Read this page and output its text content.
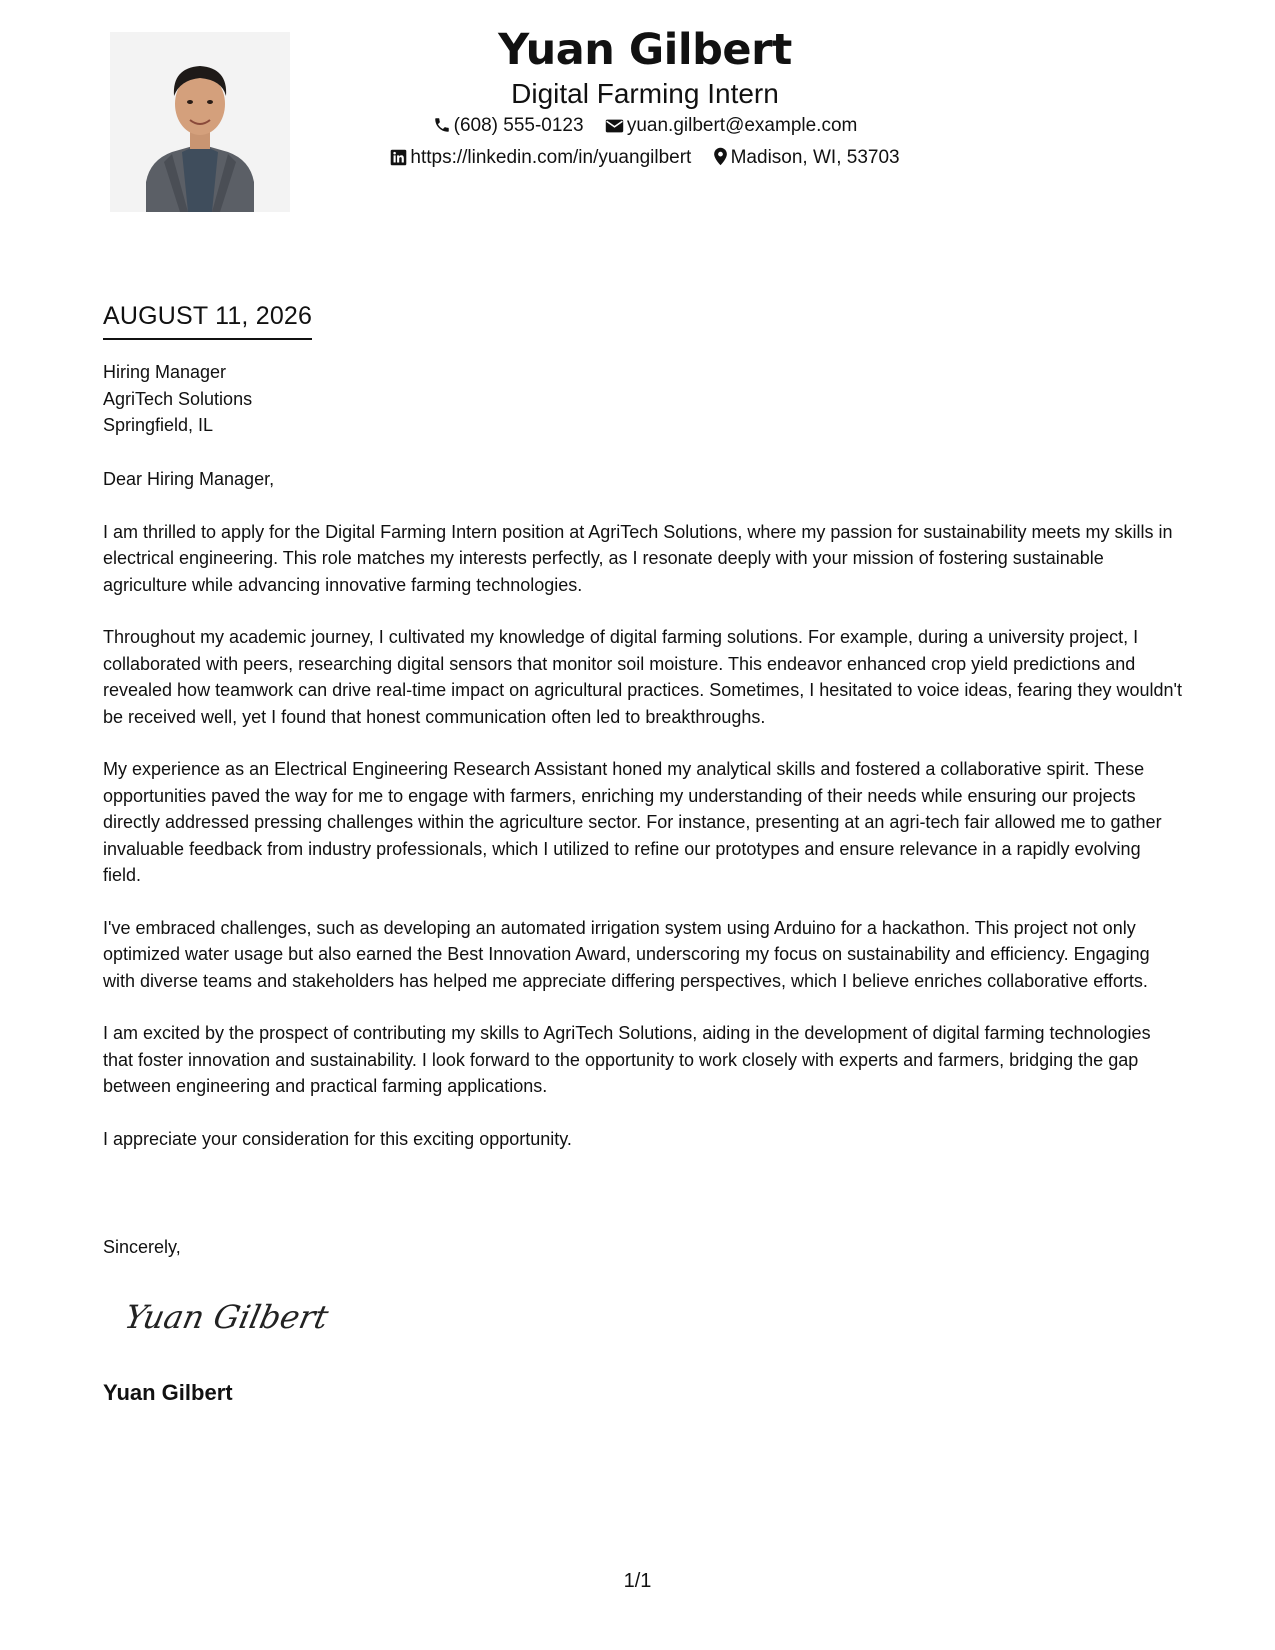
Yuan Gilbert
Digital Farming Intern
(608) 555-0123 yuan.gilbert@example.com
https://linkedin.com/in/yuangilbert Madison, WI, 53703
AUGUST 11, 2026
Hiring Manager
AgriTech Solutions
Springfield, IL

Dear Hiring Manager,

I am thrilled to apply for the Digital Farming Intern position at AgriTech Solutions, where my passion for sustainability meets my skills in electrical engineering. This role matches my interests perfectly, as I resonate deeply with your mission of fostering sustainable agriculture while advancing innovative farming technologies.

Throughout my academic journey, I cultivated my knowledge of digital farming solutions. For example, during a university project, I collaborated with peers, researching digital sensors that monitor soil moisture. This endeavor enhanced crop yield predictions and revealed how teamwork can drive real-time impact on agricultural practices. Sometimes, I hesitated to voice ideas, fearing they wouldn't be received well, yet I found that honest communication often led to breakthroughs.

My experience as an Electrical Engineering Research Assistant honed my analytical skills and fostered a collaborative spirit. These opportunities paved the way for me to engage with farmers, enriching my understanding of their needs while ensuring our projects directly addressed pressing challenges within the agriculture sector. For instance, presenting at an agri-tech fair allowed me to gather invaluable feedback from industry professionals, which I utilized to refine our prototypes and ensure relevance in a rapidly evolving field.

I've embraced challenges, such as developing an automated irrigation system using Arduino for a hackathon. This project not only optimized water usage but also earned the Best Innovation Award, underscoring my focus on sustainability and efficiency. Engaging with diverse teams and stakeholders has helped me appreciate differing perspectives, which I believe enriches collaborative efforts.

I am excited by the prospect of contributing my skills to AgriTech Solutions, aiding in the development of digital farming technologies that foster innovation and sustainability. I look forward to the opportunity to work closely with experts and farmers, bridging the gap between engineering and practical farming applications.

I appreciate your consideration for this exciting opportunity.

Sincerely,
Yuan Gilbert
Yuan Gilbert
1/1
